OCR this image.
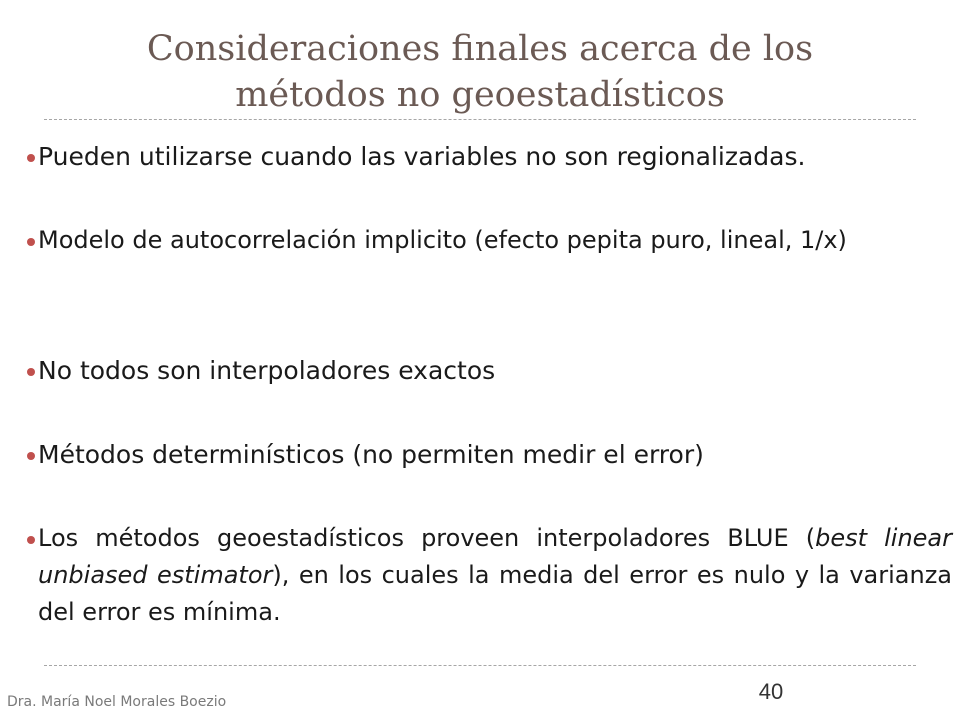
Consideraciones finales acerca de los
métodos no geoestadísticos
Pueden utilizarse cuando las variables no son regionalizadas.
Modelo de autocorrelación implicito (efecto pepita puro, lineal, 1/x)
No todos son interpoladores exactos
Métodos determinísticos (no permiten medir el error)
Los métodos geoestadísticos proveen interpoladores BLUE (best linear unbiased estimator), en los cuales la media del error es nulo y la varianza del error es mínima.
Dra. María Noel Morales Boezio	40
